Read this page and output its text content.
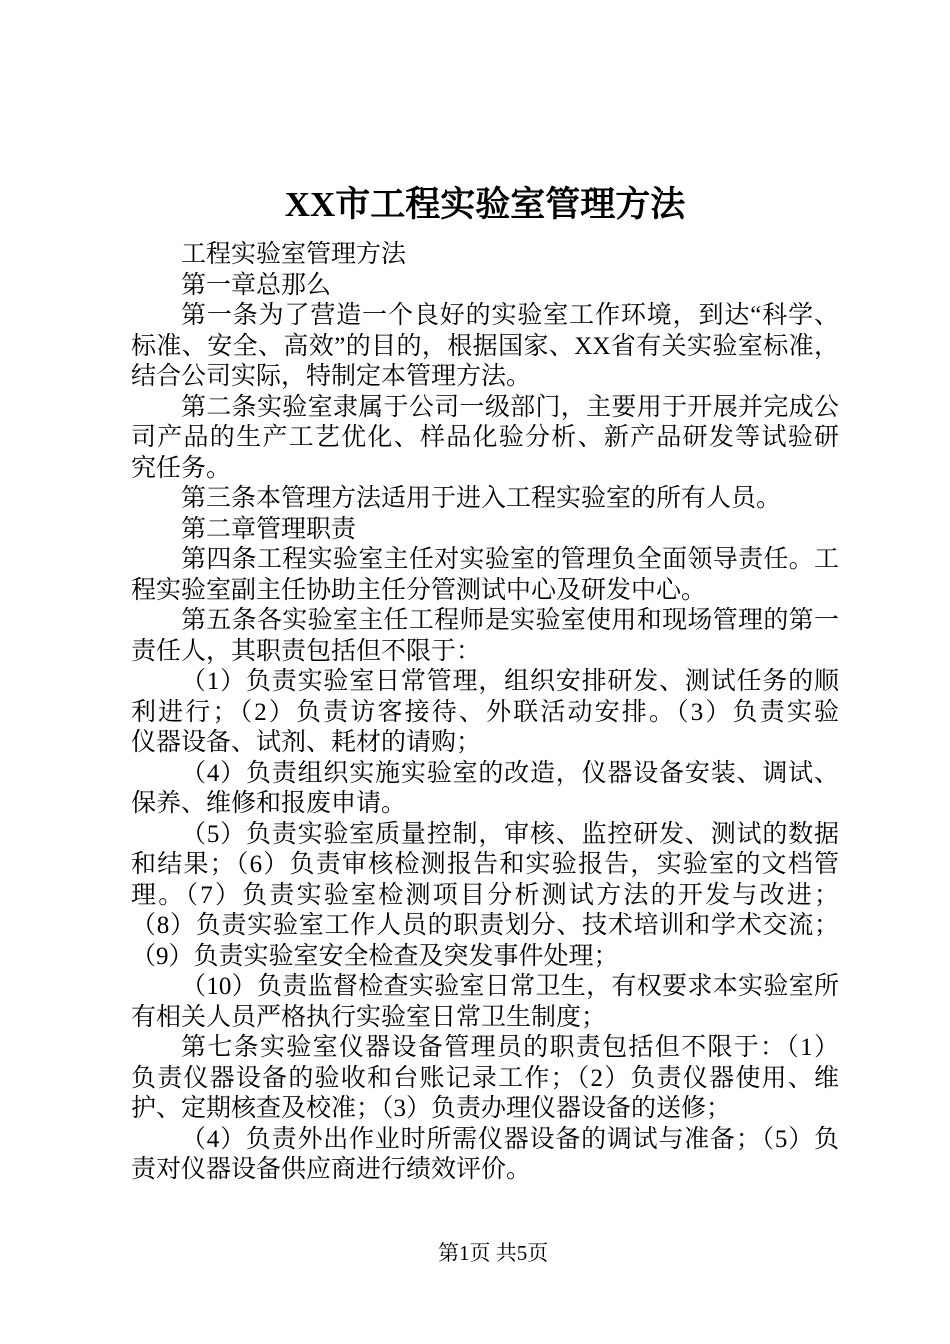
XX市工程实验室管理方法
工程实验室管理方法
第一章总那么
第一条为了营造一个良好的实验室工作环境，到达“科学、
标准、安全、高效”的目的，根据国家、XX省有关实验室标准，
结合公司实际，特制定本管理方法。
第二条实验室隶属于公司一级部门，主要用于开展并完成公
司产品的生产工艺优化、样品化验分析、新产品研发等试验研
究任务。
第三条本管理方法适用于进入工程实验室的所有人员。
第二章管理职责
第四条工程实验室主任对实验室的管理负全面领导责任。工
程实验室副主任协助主任分管测试中心及研发中心。
第五条各实验室主任工程师是实验室使用和现场管理的第一
责任人，其职责包括但不限于：
（1）负责实验室日常管理，组织安排研发、测试任务的顺
利进行；（2）负责访客接待、外联活动安排。（3）负责实验
仪器设备、试剂、耗材的请购；
（4）负责组织实施实验室的改造，仪器设备安装、调试、
保养、维修和报废申请。
（5）负责实验室质量控制，审核、监控研发、测试的数据
和结果；（6）负责审核检测报告和实验报告，实验室的文档管
理。（7）负责实验室检测项目分析测试方法的开发与改进；
（8）负责实验室工作人员的职责划分、技术培训和学术交流；
（9）负责实验室安全检查及突发事件处理；
（10）负责监督检查实验室日常卫生，有权要求本实验室所
有相关人员严格执行实验室日常卫生制度；
第七条实验室仪器设备管理员的职责包括但不限于：（1）
负责仪器设备的验收和台账记录工作；（2）负责仪器使用、维
护、定期核查及校准；（3）负责办理仪器设备的送修；
（4）负责外出作业时所需仪器设备的调试与准备；（5）负
责对仪器设备供应商进行绩效评价。
第1页 共5页
